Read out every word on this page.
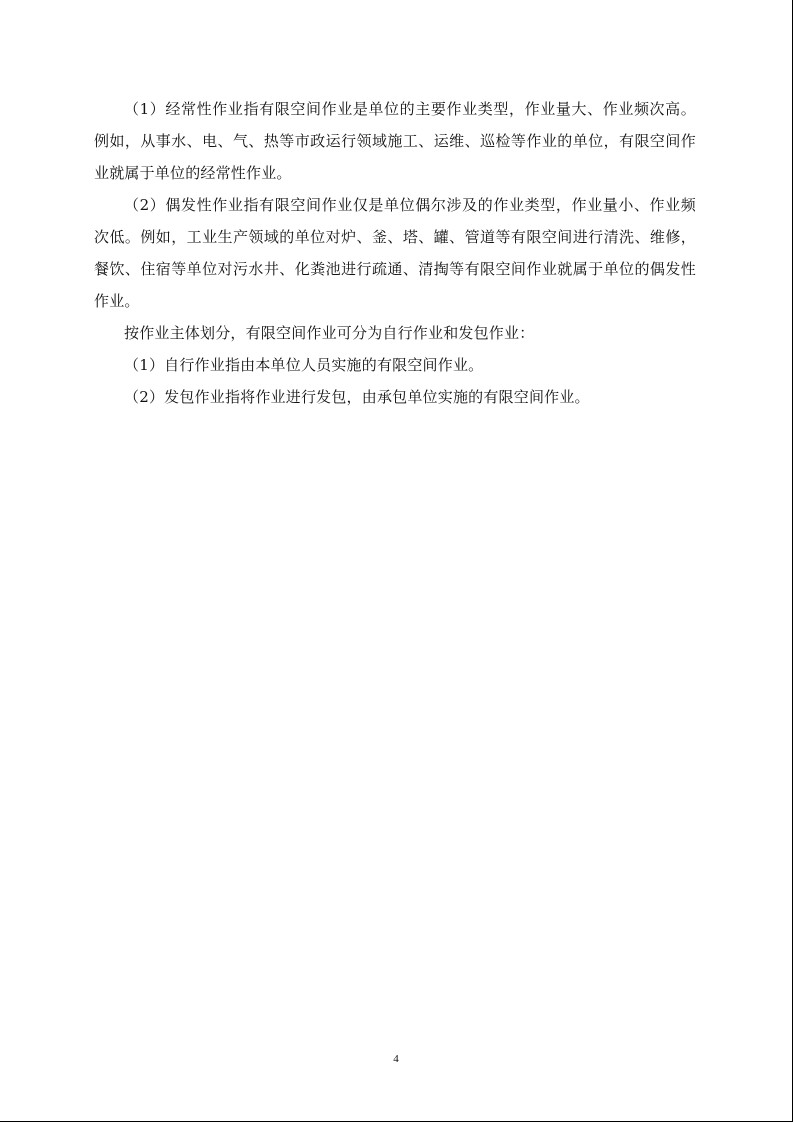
（1）经常性作业指有限空间作业是单位的主要作业类型，作业量大、作业频次高。例如，从事水、电、气、热等市政运行领域施工、运维、巡检等作业的单位，有限空间作业就属于单位的经常性作业。

（2）偶发性作业指有限空间作业仅是单位偶尔涉及的作业类型，作业量小、作业频次低。例如，工业生产领域的单位对炉、釜、塔、罐、管道等有限空间进行清洗、维修，餐饮、住宿等单位对污水井、化粪池进行疏通、清掏等有限空间作业就属于单位的偶发性作业。

按作业主体划分，有限空间作业可分为自行作业和发包作业：

（1）自行作业指由本单位人员实施的有限空间作业。

（2）发包作业指将作业进行发包，由承包单位实施的有限空间作业。

4
